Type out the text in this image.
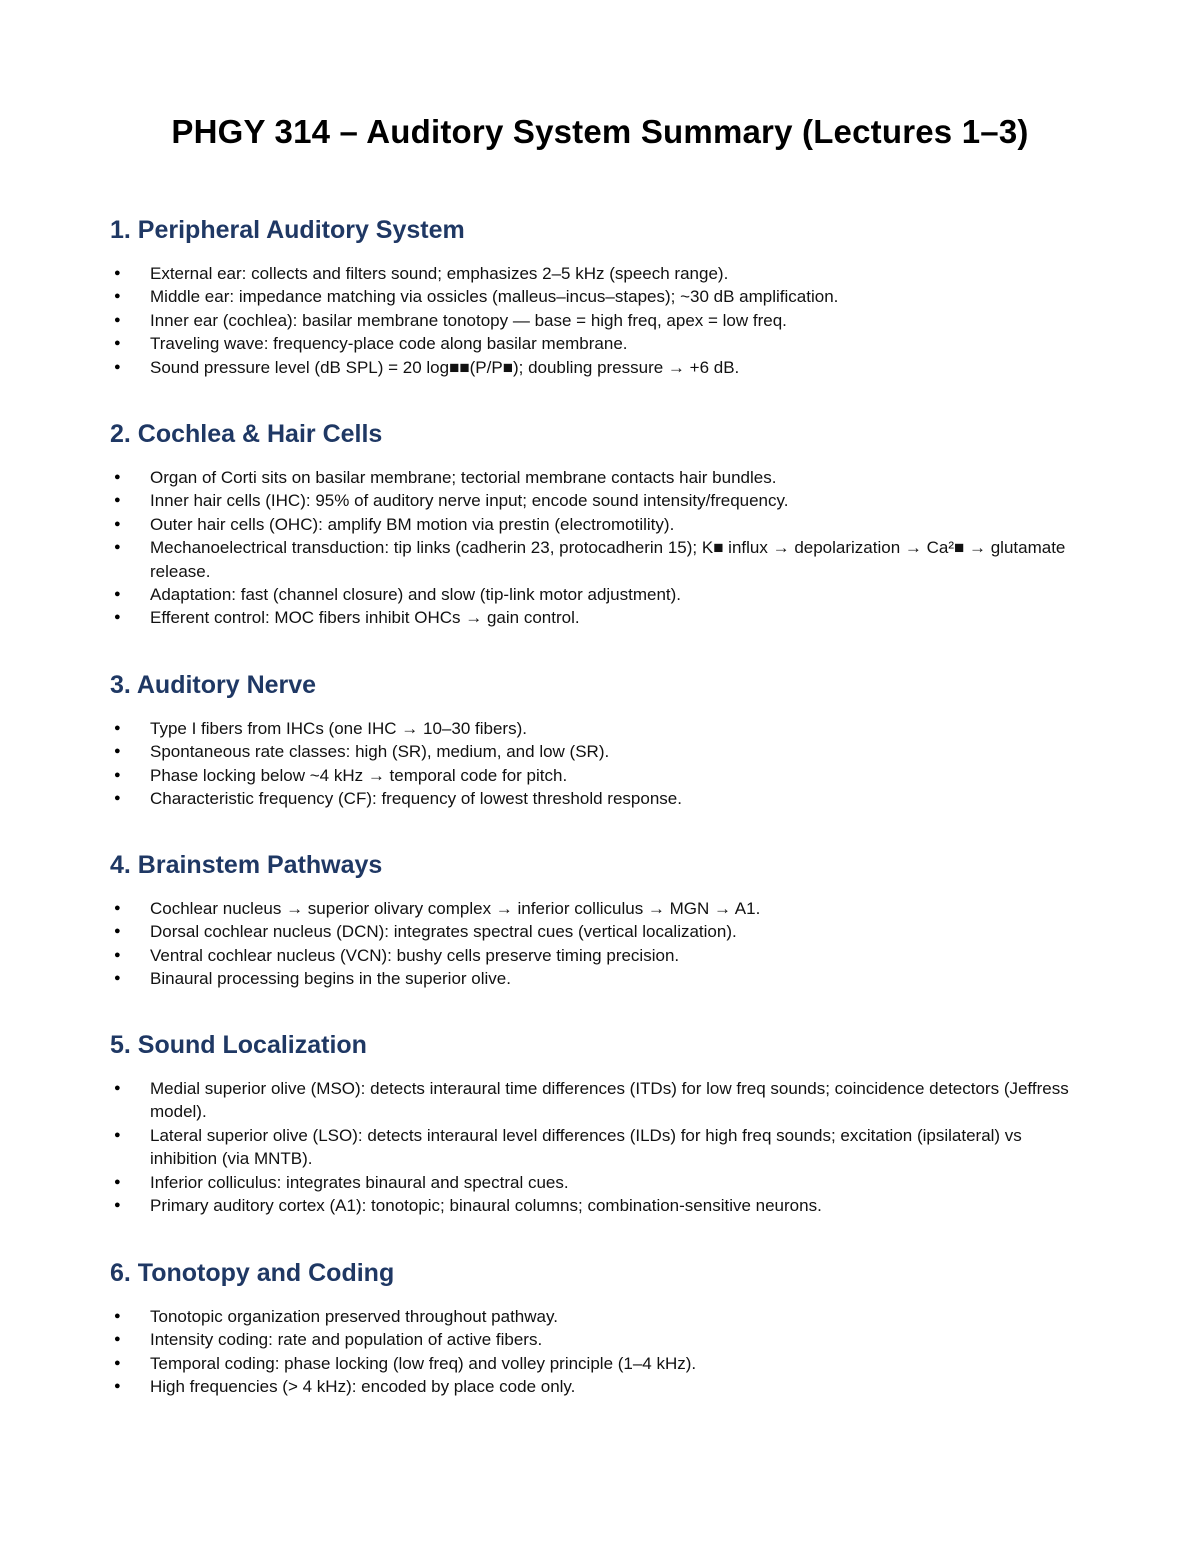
PHGY 314 – Auditory System Summary (Lectures 1–3)
1. Peripheral Auditory System
● External ear: collects and filters sound; emphasizes 2–5 kHz (speech range).
● Middle ear: impedance matching via ossicles (malleus–incus–stapes); ~30 dB amplification.
● Inner ear (cochlea): basilar membrane tonotopy — base = high freq, apex = low freq.
● Traveling wave: frequency-place code along basilar membrane.
● Sound pressure level (dB SPL) = 20 log■■(P/P■); doubling pressure → +6 dB.
2. Cochlea & Hair Cells
● Organ of Corti sits on basilar membrane; tectorial membrane contacts hair bundles.
● Inner hair cells (IHC): 95% of auditory nerve input; encode sound intensity/frequency.
● Outer hair cells (OHC): amplify BM motion via prestin (electromotility).
● Mechanoelectrical transduction: tip links (cadherin 23, protocadherin 15); K■ influx → depolarization → Ca²■ → glutamate release.
● Adaptation: fast (channel closure) and slow (tip-link motor adjustment).
● Efferent control: MOC fibers inhibit OHCs → gain control.
3. Auditory Nerve
● Type I fibers from IHCs (one IHC → 10–30 fibers).
● Spontaneous rate classes: high (SR), medium, and low (SR).
● Phase locking below ~4 kHz → temporal code for pitch.
● Characteristic frequency (CF): frequency of lowest threshold response.
4. Brainstem Pathways
● Cochlear nucleus → superior olivary complex → inferior colliculus → MGN → A1.
● Dorsal cochlear nucleus (DCN): integrates spectral cues (vertical localization).
● Ventral cochlear nucleus (VCN): bushy cells preserve timing precision.
● Binaural processing begins in the superior olive.
5. Sound Localization
● Medial superior olive (MSO): detects interaural time differences (ITDs) for low freq sounds; coincidence detectors (Jeffress model).
● Lateral superior olive (LSO): detects interaural level differences (ILDs) for high freq sounds; excitation (ipsilateral) vs inhibition (via MNTB).
● Inferior colliculus: integrates binaural and spectral cues.
● Primary auditory cortex (A1): tonotopic; binaural columns; combination-sensitive neurons.
6. Tonotopy and Coding
● Tonotopic organization preserved throughout pathway.
● Intensity coding: rate and population of active fibers.
● Temporal coding: phase locking (low freq) and volley principle (1–4 kHz).
● High frequencies (> 4 kHz): encoded by place code only.
